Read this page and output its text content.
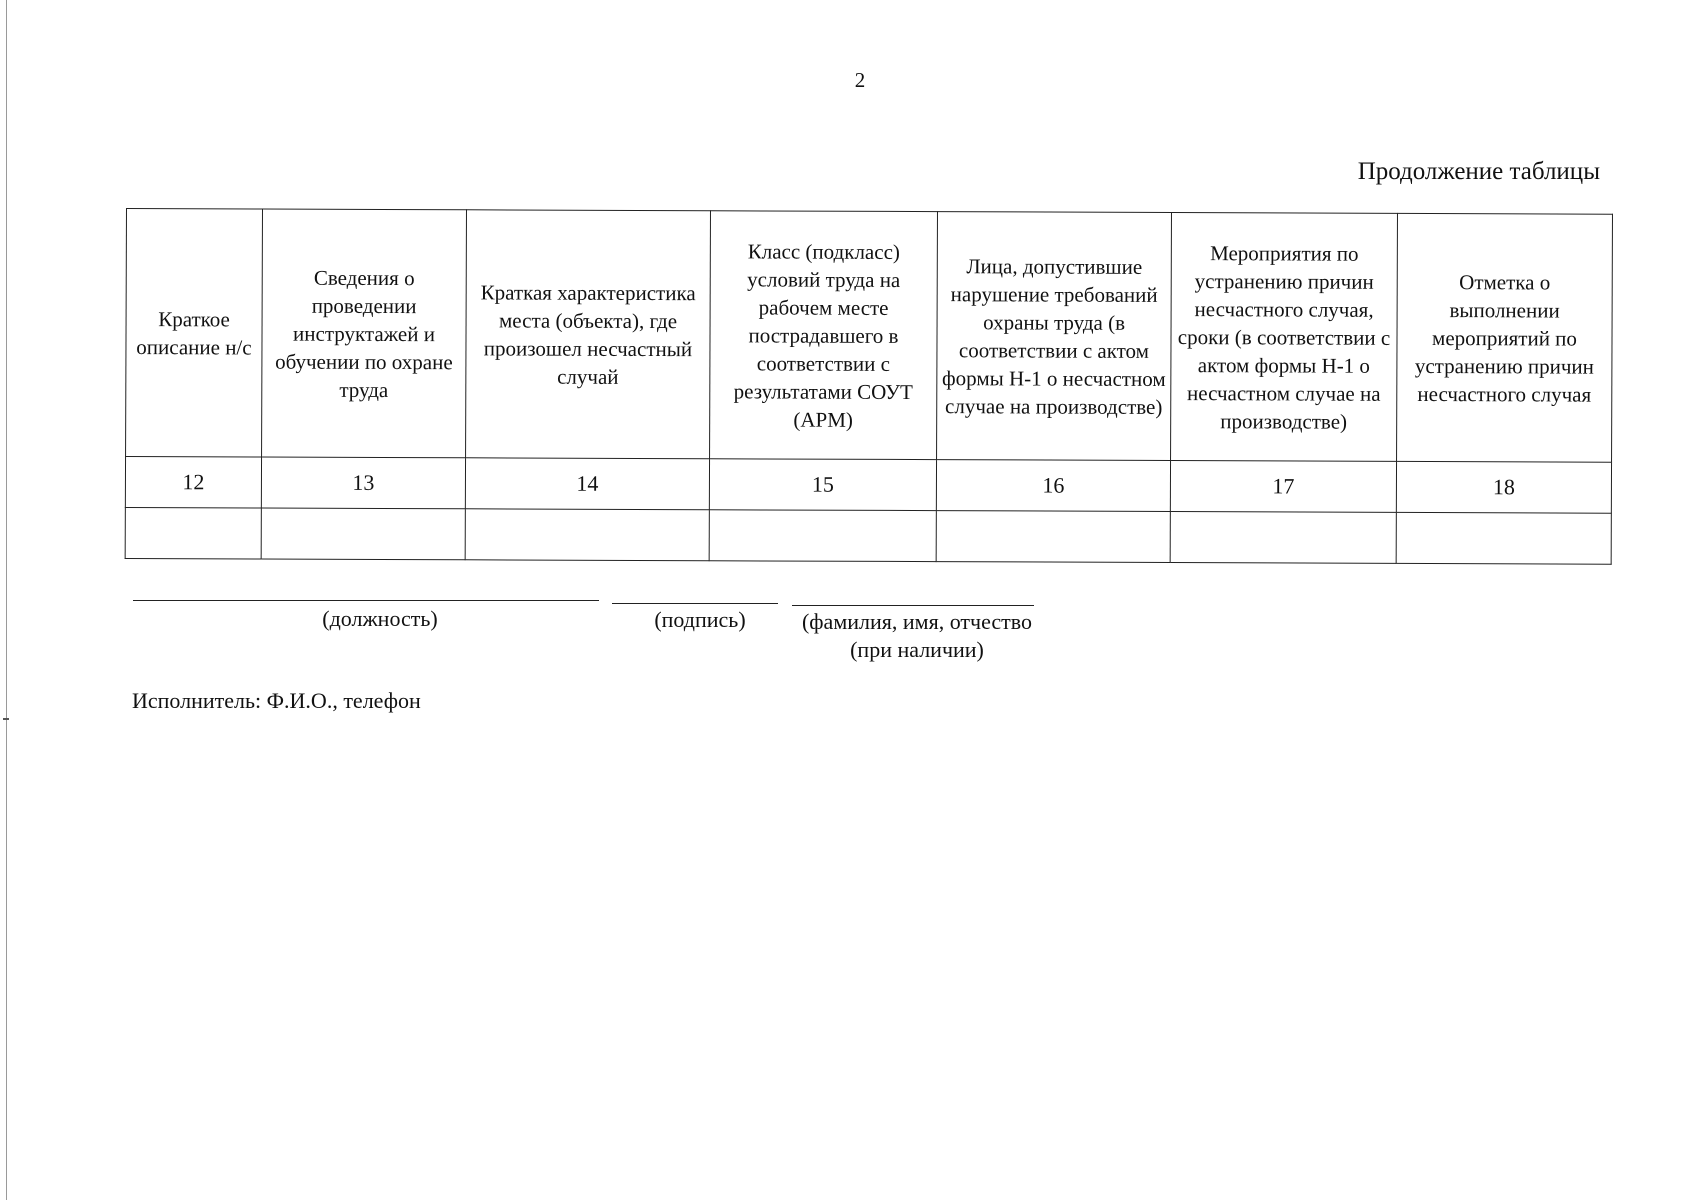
2
Продолжение таблицы
Краткое описание н/с	Сведения о проведении инструктажей и обучении по охране труда	Краткая характеристика места (объекта), где произошел несчастный случай	Класс (подкласс) условий труда на рабочем месте пострадавшего в соответствии с результатами СОУТ (АРМ)	Лица, допустившие нарушение требований охраны труда (в соответствии с актом формы Н-1 о несчастном случае на производстве)	Мероприятия по устранению причин несчастного случая, сроки (в соответствии с актом формы Н-1 о несчастном случае на производстве)	Отметка о выполнении мероприятий по устранению причин несчастного случая
12	13	14	15	16	17	18

(должность)	(подпись)	(фамилия, имя, отчество
(при наличии)
Исполнитель: Ф.И.О., телефон
